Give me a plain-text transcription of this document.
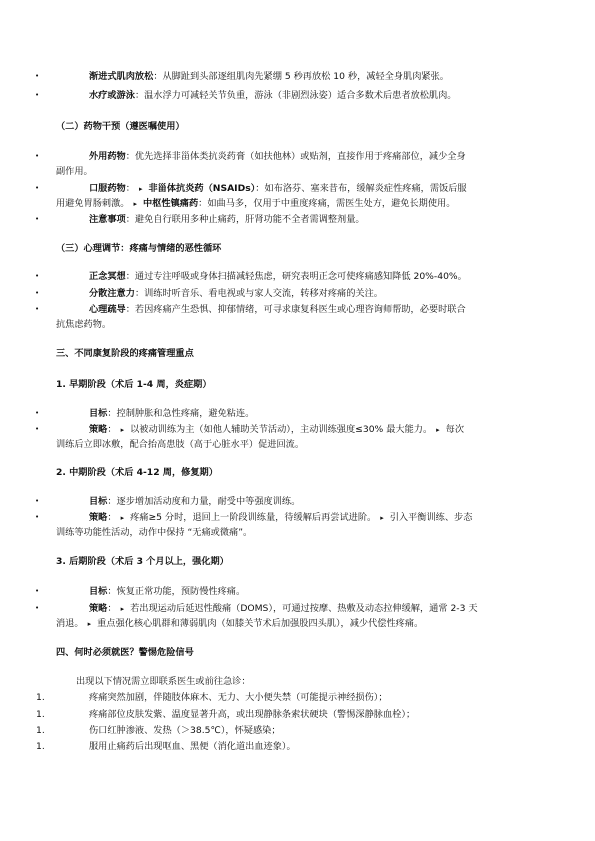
•	渐进式肌肉放松：从脚趾到头部逐组肌肉先紧绷 5 秒再放松 10 秒，减轻全身肌肉紧张。
•	水疗或游泳：温水浮力可减轻关节负重，游泳（非剧烈泳姿）适合多数术后患者放松肌肉。
（二）药物干预（遵医嘱使用）
•	外用药物：优先选择非甾体类抗炎药膏（如扶他林）或贴剂，直接作用于疼痛部位，减少全身
副作用。
•	口服药物： ▸ 非甾体抗炎药（NSAIDs）：如布洛芬、塞来昔布，缓解炎症性疼痛，需饭后服
用避免胃肠刺激。 ▸ 中枢性镇痛药：如曲马多，仅用于中重度疼痛，需医生处方，避免长期使用。
•	注意事项：避免自行联用多种止痛药，肝肾功能不全者需调整剂量。
（三）心理调节：疼痛与情绪的恶性循环
•	正念冥想：通过专注呼吸或身体扫描减轻焦虑，研究表明正念可使疼痛感知降低 20%-40%。
•	分散注意力：训练时听音乐、看电视或与家人交流，转移对疼痛的关注。
•	心理疏导：若因疼痛产生恐惧、抑郁情绪，可寻求康复科医生或心理咨询师帮助，必要时联合
抗焦虑药物。
三、不同康复阶段的疼痛管理重点
1. 早期阶段（术后 1-4 周，炎症期）
•	目标：控制肿胀和急性疼痛，避免粘连。
•	策略： ▸ 以被动训练为主（如他人辅助关节活动），主动训练强度≤30% 最大能力。 ▸ 每次
训练后立即冰敷，配合抬高患肢（高于心脏水平）促进回流。
2. 中期阶段（术后 4-12 周，修复期）
•	目标：逐步增加活动度和力量，耐受中等强度训练。
•	策略： ▸ 疼痛≥5 分时，退回上一阶段训练量，待缓解后再尝试进阶。 ▸ 引入平衡训练、步态
训练等功能性活动，动作中保持 “无痛或微痛”。
3. 后期阶段（术后 3 个月以上，强化期）
•	目标：恢复正常功能，预防慢性疼痛。
•	策略： ▸ 若出现运动后延迟性酸痛（DOMS），可通过按摩、热敷及动态拉伸缓解，通常 2-3 天
消退。 ▸ 重点强化核心肌群和薄弱肌肉（如膝关节术后加强股四头肌），减少代偿性疼痛。
四、何时必须就医？警惕危险信号
出现以下情况需立即联系医生或前往急诊：
1.	疼痛突然加剧，伴随肢体麻木、无力、大小便失禁（可能提示神经损伤）；
1.	疼痛部位皮肤发紫、温度显著升高，或出现静脉条索状硬块（警惕深静脉血栓）；
1.	伤口红肿渗液、发热（＞38.5℃），怀疑感染；
1.	服用止痛药后出现呕血、黑便（消化道出血迹象）。
